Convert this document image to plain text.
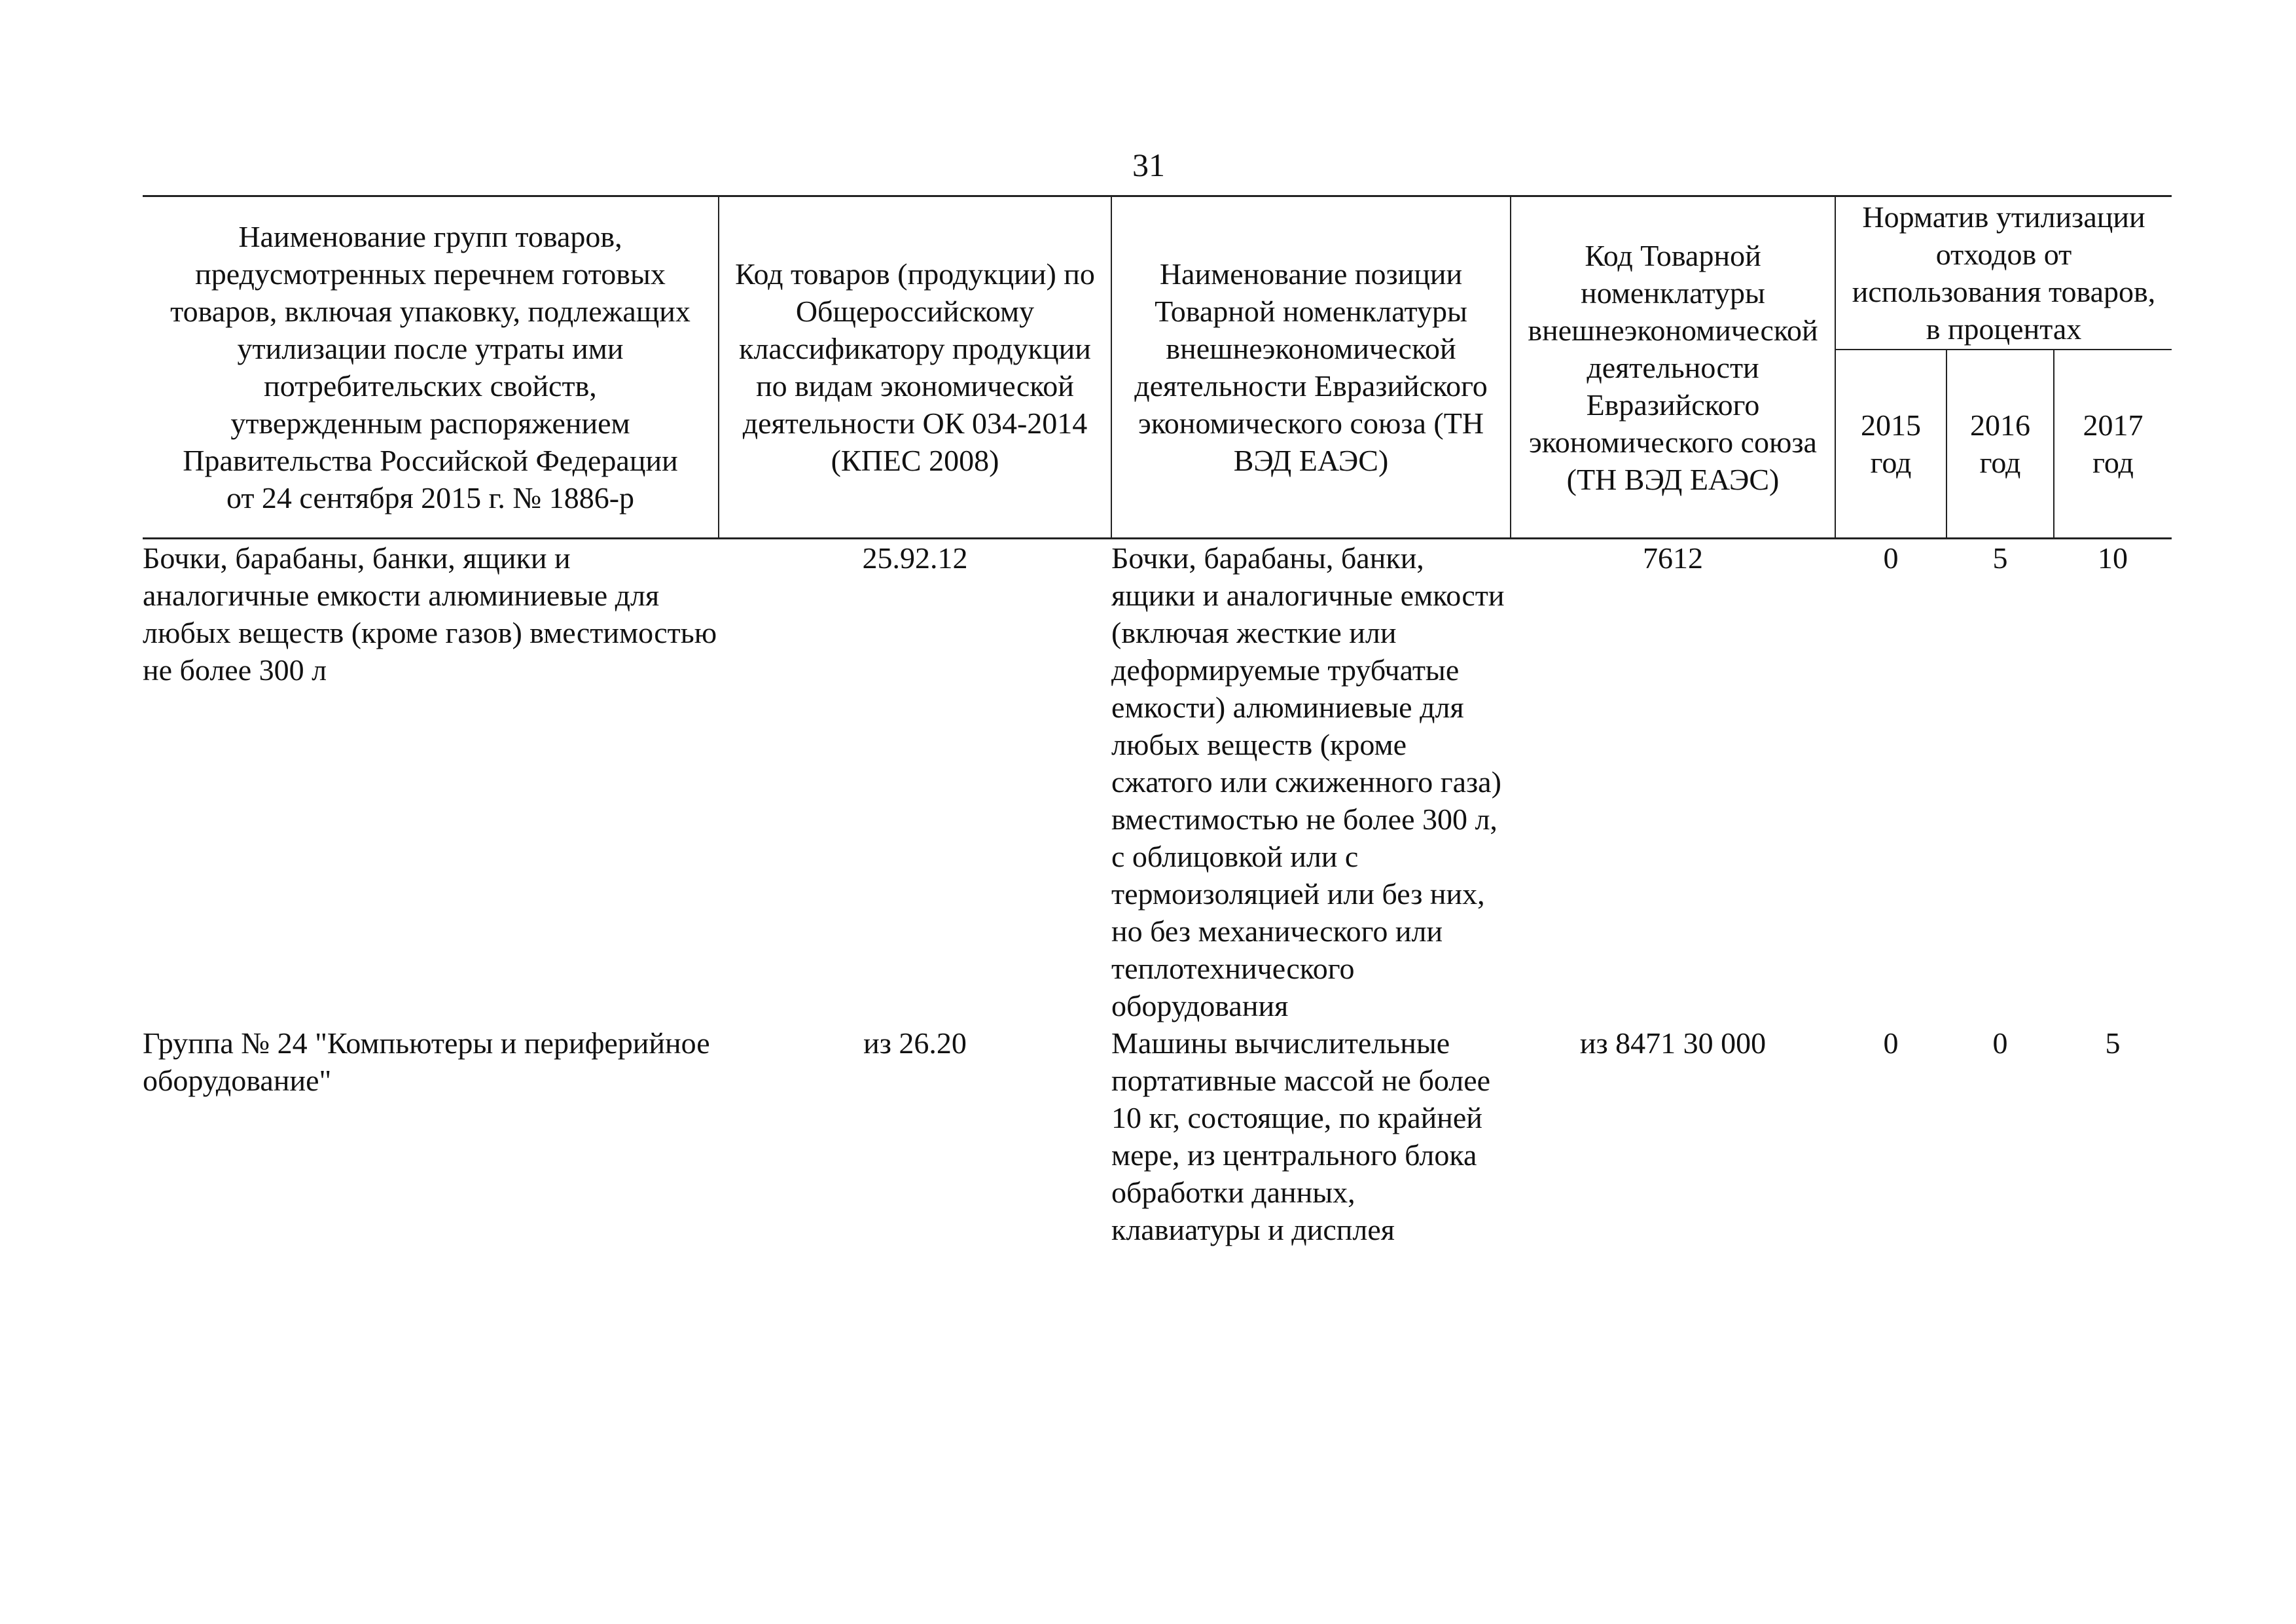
31
Наименование групп товаров, предусмотренных перечнем готовых товаров, включая упаковку, подлежащих утилизации после утраты ими потребительских свойств, утвержденным распоряжением Правительства Российской Федерации от 24 сентября 2015 г. № 1886-р	Код товаров (продукции) по Общероссийскому классификатору продукции по видам экономической деятельности ОК 034-2014 (КПЕС 2008)	Наименование позиции Товарной номенклатуры внешнеэкономической деятельности Евразийского экономического союза (ТН ВЭД ЕАЭС)	Код Товарной номенклатуры внешнеэкономической деятельности Евразийского экономического союза (ТН ВЭД ЕАЭС)	Норматив утилизации отходов от использования товаров, в процентах		

				2015 год	2016 год	2017 год

Бочки, барабаны, банки, ящики и аналогичные емкости алюминиевые для любых веществ (кроме газов) вместимостью не более 300 л	25.92.12	Бочки, барабаны, банки, ящики и аналогичные емкости (включая жесткие или деформируемые трубчатые емкости) алюминиевые для любых веществ (кроме сжатого или сжиженного газа) вместимостью не более 300 л, с облицовкой или с термоизоляцией или без них, но без механического или теплотехнического оборудования	7612	0	5	10
Группа № 24 "Компьютеры и периферийное оборудование"	из 26.20	Машины вычислительные портативные массой не более 10 кг, состоящие, по крайней мере, из центрального блока обработки данных, клавиатуры и дисплея	из 8471 30 000	0	0	5
